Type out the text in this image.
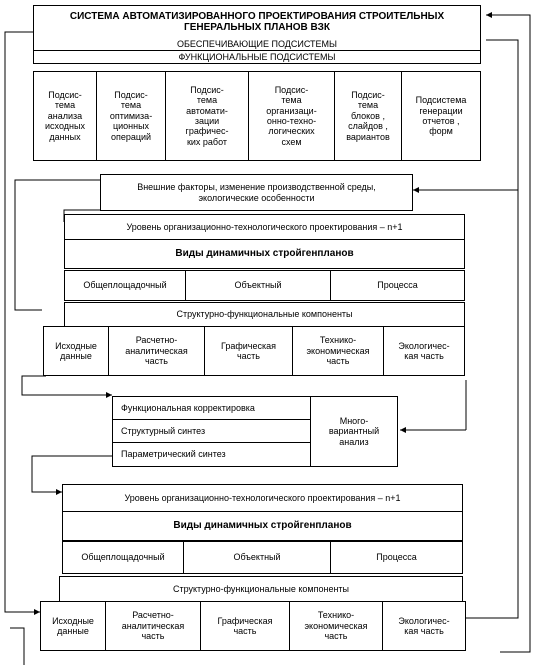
СИСТЕМА АВТОМАТИЗИРОВАННОГО ПРОЕКТИРОВАНИЯ СТРОИТЕЛЬНЫХ
ГЕНЕРАЛЬНЫХ ПЛАНОВ ВЗК
ОБЕСПЕЧИВАЮЩИЕ ПОДСИСТЕМЫ
ФУНКЦИОНАЛЬНЫЕ ПОДСИСТЕМЫ
Подсис-
тема
анализа
исходных
данных
Подсис-
тема
оптимиза-
ционных
операций
Подсис-
тема
автомати-
зации
графичес-
ких работ
Подсис-
тема
организаци-
онно-техно-
логических
схем
Подсис-
тема
блоков ,
слайдов ,
вариантов
Подсистема
генерации
отчетов ,
форм
Внешние факторы, изменение производственной среды,
экологические особенности
Уровень организационно-технологического проектирования – n+1
Виды динамичных стройгенпланов
Общеплощадочный	Объектный	Процесса
Структурно-функциональные компоненты
Исходные
данные
Расчетно-
аналитическая
часть
Графическая
часть
Технико-
экономическая
часть
Экологичес-
кая часть
Функциональная корректировка
Структурный синтез
Параметрический синтез
Много-
вариантный
анализ
Уровень организационно-технологического проектирования – n+1
Виды динамичных стройгенпланов
Общеплощадочный	Объектный	Процесса
Структурно-функциональные компоненты
Исходные
данные
Расчетно-
аналитическая
часть
Графическая
часть
Технико-
экономическая
часть
Экологичес-
кая часть
